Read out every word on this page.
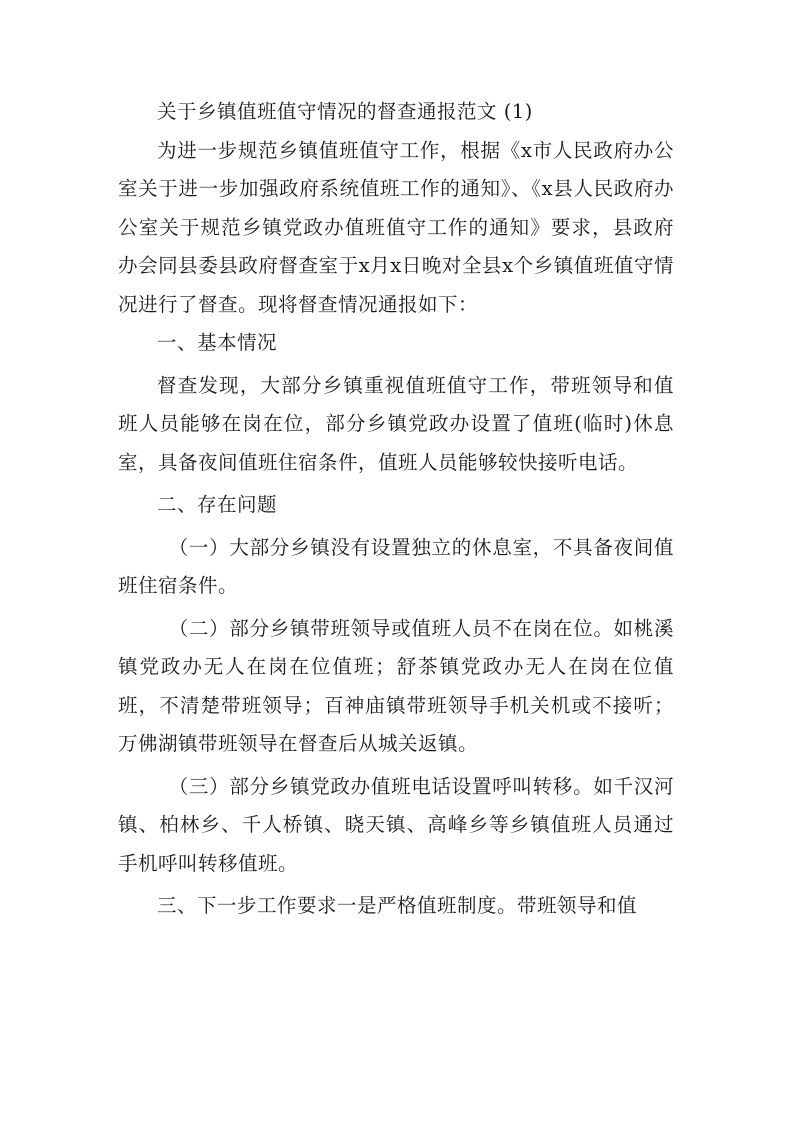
关于乡镇值班值守情况的督查通报范文 (1)

为进一步规范乡镇值班值守工作，根据《x市人民政府办公室关于进一步加强政府系统值班工作的通知》、《x县人民政府办公室关于规范乡镇党政办值班值守工作的通知》要求，县政府办会同县委县政府督查室于x月x日晚对全县x个乡镇值班值守情况进行了督查。现将督查情况通报如下：

一、基本情况

督查发现，大部分乡镇重视值班值守工作，带班领导和值班人员能够在岗在位，部分乡镇党政办设置了值班(临时)休息室，具备夜间值班住宿条件，值班人员能够较快接听电话。

二、存在问题

（一）大部分乡镇没有设置独立的休息室，不具备夜间值班住宿条件。

（二）部分乡镇带班领导或值班人员不在岗在位。如桃溪镇党政办无人在岗在位值班；舒茶镇党政办无人在岗在位值班，不清楚带班领导；百神庙镇带班领导手机关机或不接听；万佛湖镇带班领导在督查后从城关返镇。

（三）部分乡镇党政办值班电话设置呼叫转移。如千汉河镇、柏林乡、千人桥镇、晓天镇、高峰乡等乡镇值班人员通过手机呼叫转移值班。

三、下一步工作要求一是严格值班制度。带班领导和值
